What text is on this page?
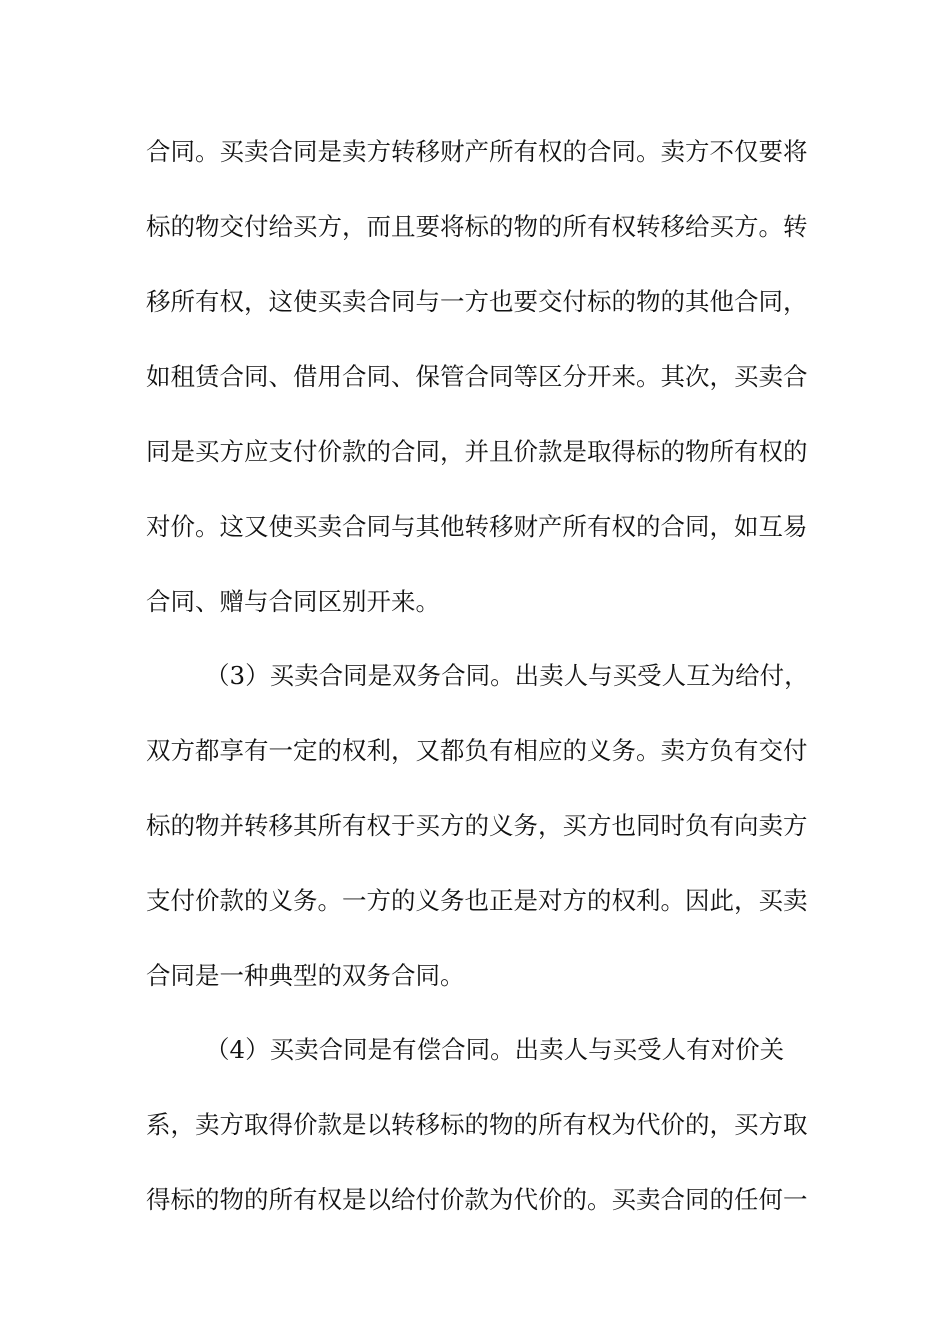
合同。买卖合同是卖方转移财产所有权的合同。卖方不仅要将
标的物交付给买方，而且要将标的物的所有权转移给买方。转
移所有权，这使买卖合同与一方也要交付标的物的其他合同，
如租赁合同、借用合同、保管合同等区分开来。其次，买卖合
同是买方应支付价款的合同，并且价款是取得标的物所有权的
对价。这又使买卖合同与其他转移财产所有权的合同，如互易
合同、赠与合同区别开来。
（3）买卖合同是双务合同。出卖人与买受人互为给付，
双方都享有一定的权利，又都负有相应的义务。卖方负有交付
标的物并转移其所有权于买方的义务，买方也同时负有向卖方
支付价款的义务。一方的义务也正是对方的权利。因此，买卖
合同是一种典型的双务合同。
（4）买卖合同是有偿合同。出卖人与买受人有对价关
系，卖方取得价款是以转移标的物的所有权为代价的，买方取
得标的物的所有权是以给付价款为代价的。买卖合同的任何一
